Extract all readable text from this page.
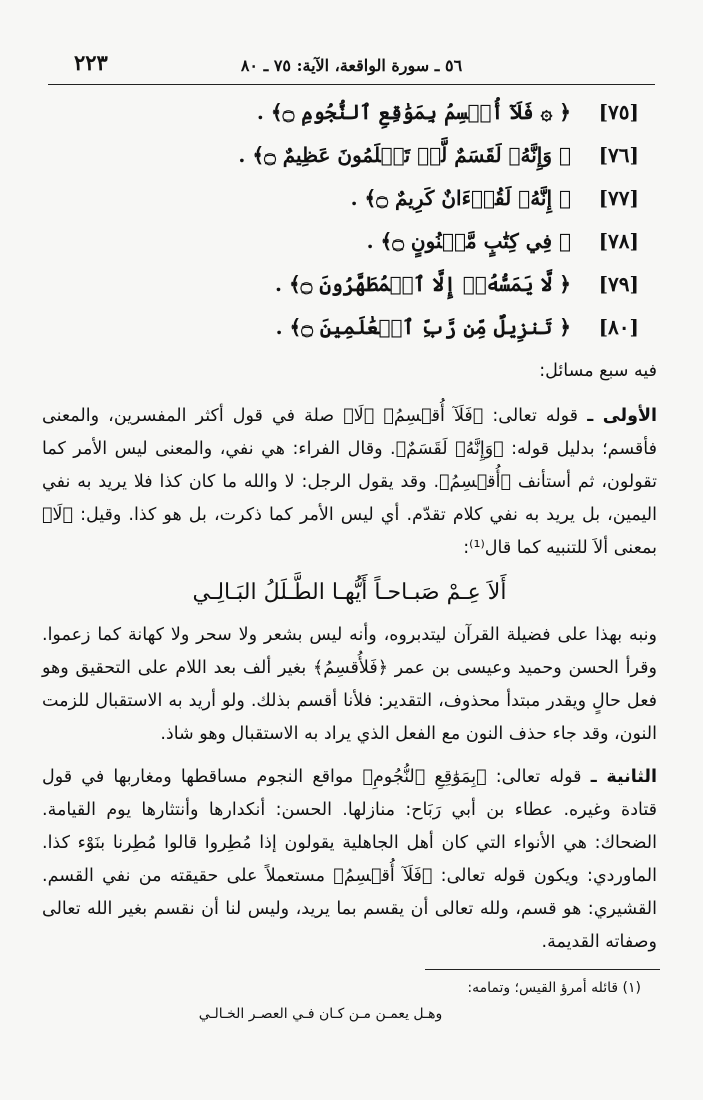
٢٢٣	٥٦ ـ سورة الواقعة، الآية: ٧٥ ـ ٨٠
[٧٥]
﴿ ۞ فَلَآ أُقۡسِمُ بِمَوَٰقِعِ ٱلنُّجُومِ ۝﴾ .
[٧٦]
﴿ وَإِنَّهُۥ لَقَسَمٌ لَّوۡ تَعۡلَمُونَ عَظِيمٌ ۝﴾ .
[٧٧]
﴿ إِنَّهُۥ لَقُرۡءَانٌ كَرِيمٌ ۝﴾ .
[٧٨]
﴿ فِي كِتَٰبٍ مَّكۡنُونٍ ۝﴾ .
[٧٩]
﴿ لَّا يَمَسُّهُۥٓ إِلَّا ٱلۡمُطَهَّرُونَ ۝﴾ .
[٨٠]
﴿ تَنزِيلٌ مِّن رَّبِّ ٱلۡعَٰلَمِينَ ۝﴾ .

فيه سبع مسائل:

الأولى ـ قوله تعالى: ﴿فَلَآ أُقۡسِمُ﴾ ﴿لَا﴾ صلة في قول أكثر المفسرين، والمعنى فأقسم؛ بدليل قوله: ﴿وَإِنَّهُۥ لَقَسَمٌ﴾. وقال الفراء: هي نفي، والمعنى ليس الأمر كما تقولون، ثم أستأنف ﴿أُقۡسِمُ﴾. وقد يقول الرجل: لا والله ما كان كذا فلا يريد به نفي اليمين، بل يريد به نفي كلام تقدّم. أي ليس الأمر كما ذكرت، بل هو كذا. وقيل: ﴿لَا﴾ بمعنى ألاَ للتنبيه كما قال⁽¹⁾:

أَلاَ عِـمْ صَبـاحـاً أَيُّهـا الطَّـلَلُ البَـالِـي

ونبه بهذا على فضيلة القرآن ليتدبروه، وأنه ليس بشعر ولا سحر ولا كهانة كما زعموا. وقرأ الحسن وحميد وعيسى بن عمر ﴿فَلأُقسِمُ﴾ بغير ألف بعد اللام على التحقيق وهو فعل حالٍ ويقدر مبتدأ محذوف، التقدير: فلأنا أقسم بذلك. ولو أريد به الاستقبال للزمت النون، وقد جاء حذف النون مع الفعل الذي يراد به الاستقبال وهو شاذ.

الثانية ـ قوله تعالى: ﴿بِمَوَٰقِعِ ٱلنُّجُومِ﴾ مواقع النجوم مساقطها ومغاربها في قول قتادة وغيره. عطاء بن أبي رَبَاح: منازلها. الحسن: أنكدارها وأنتثارها يوم القيامة. الضحاك: هي الأنواء التي كان أهل الجاهلية يقولون إذا مُطِروا قالوا مُطِرنا بنَوْء كذا. الماوردي: ويكون قوله تعالى: ﴿فَلَآ أُقۡسِمُ﴾ مستعملاً على حقيقته من نفي القسم. القشيري: هو قسم، ولله تعالى أن يقسم بما يريد، وليس لنا أن نقسم بغير الله تعالى وصفاته القديمة.

(١) قائله أمرؤ القيس؛ وتمامه:
وهـل يعمـن مـن كـان فـي العصـر الخـالـي
